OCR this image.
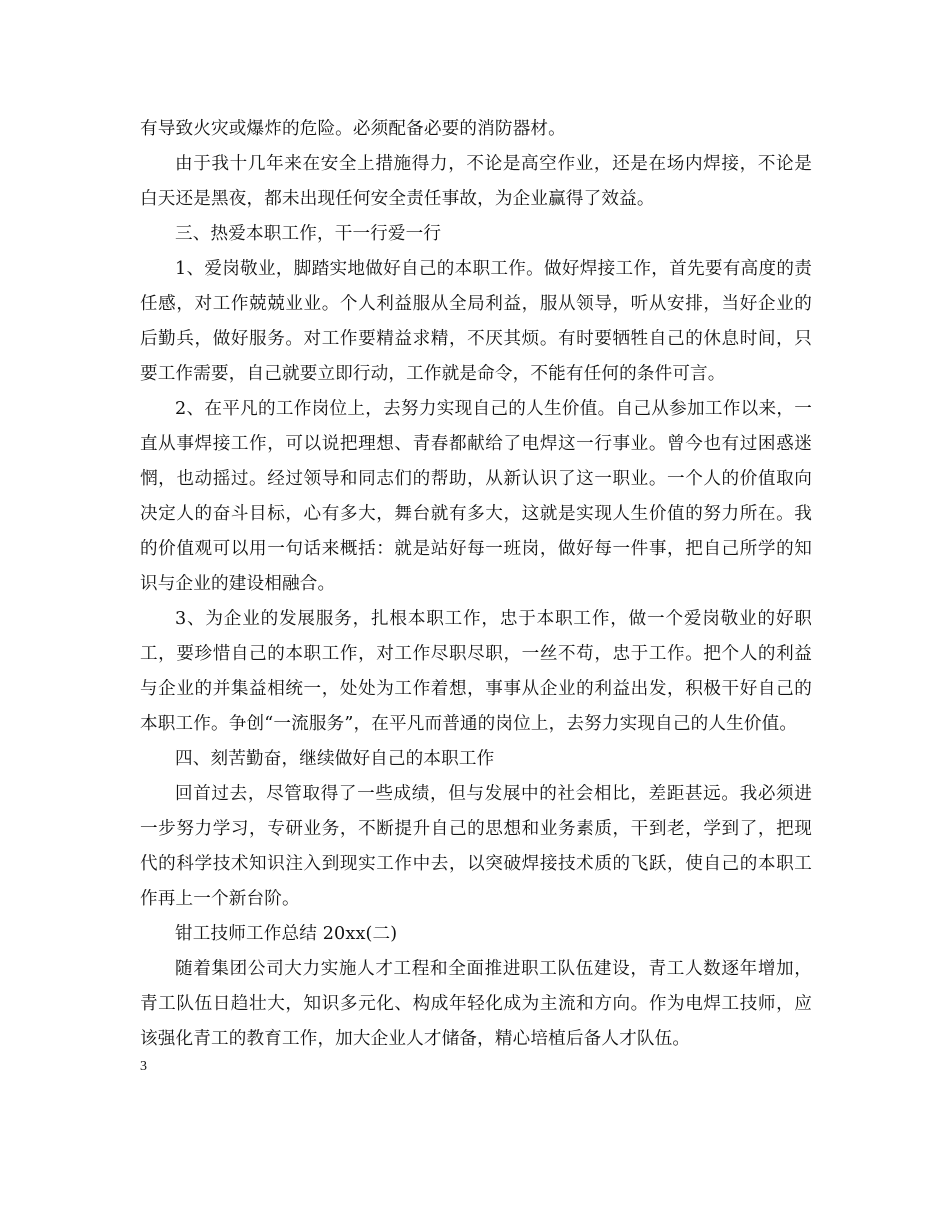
有导致火灾或爆炸的危险。必须配备必要的消防器材。

由于我十几年来在安全上措施得力，不论是高空作业，还是在场内焊接，不论是白天还是黑夜，都未出现任何安全责任事故，为企业赢得了效益。

三、热爱本职工作，干一行爱一行

1、爱岗敬业，脚踏实地做好自己的本职工作。做好焊接工作，首先要有高度的责任感，对工作兢兢业业。个人利益服从全局利益，服从领导，听从安排，当好企业的后勤兵，做好服务。对工作要精益求精，不厌其烦。有时要牺牲自己的休息时间，只要工作需要，自己就要立即行动，工作就是命令，不能有任何的条件可言。

2、在平凡的工作岗位上，去努力实现自己的人生价值。自己从参加工作以来，一直从事焊接工作，可以说把理想、青春都献给了电焊这一行事业。曾今也有过困惑迷惘，也动摇过。经过领导和同志们的帮助，从新认识了这一职业。一个人的价值取向决定人的奋斗目标，心有多大，舞台就有多大，这就是实现人生价值的努力所在。我的价值观可以用一句话来概括：就是站好每一班岗，做好每一件事，把自己所学的知识与企业的建设相融合。

3、为企业的发展服务，扎根本职工作，忠于本职工作，做一个爱岗敬业的好职工，要珍惜自己的本职工作，对工作尽职尽职，一丝不苟，忠于工作。把个人的利益与企业的并集益相统一，处处为工作着想，事事从企业的利益出发，积极干好自己的本职工作。争创“一流服务”，在平凡而普通的岗位上，去努力实现自己的人生价值。

四、刻苦勤奋，继续做好自己的本职工作

回首过去，尽管取得了一些成绩，但与发展中的社会相比，差距甚远。我必须进一步努力学习，专研业务，不断提升自己的思想和业务素质，干到老，学到了，把现代的科学技术知识注入到现实工作中去，以突破焊接技术质的飞跃，使自己的本职工作再上一个新台阶。

钳工技师工作总结 20xx(二)

随着集团公司大力实施人才工程和全面推进职工队伍建设，青工人数逐年增加，青工队伍日趋壮大，知识多元化、构成年轻化成为主流和方向。作为电焊工技师，应该强化青工的教育工作，加大企业人才储备，精心培植后备人才队伍。

3
